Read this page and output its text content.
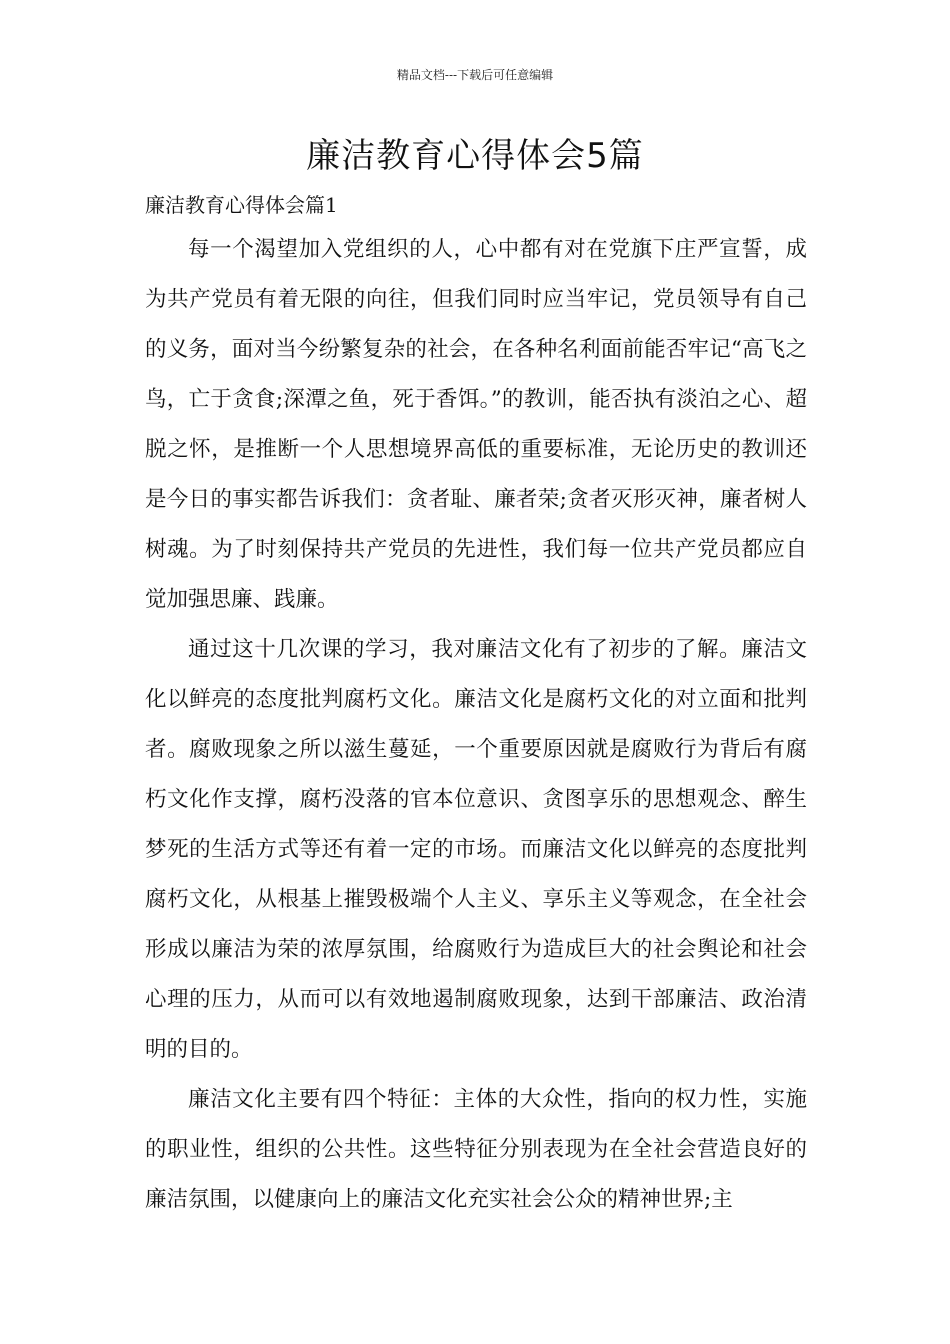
精品文档---下载后可任意编辑
廉洁教育心得体会5篇
廉洁教育心得体会篇1

每一个渴望加入党组织的人，心中都有对在党旗下庄严宣誓，成为共产党员有着无限的向往，但我们同时应当牢记，党员领导有自己的义务，面对当今纷繁复杂的社会，在各种名利面前能否牢记“高飞之鸟，亡于贪食;深潭之鱼，死于香饵。”的教训，能否执有淡泊之心、超脱之怀，是推断一个人思想境界高低的重要标准，无论历史的教训还是今日的事实都告诉我们：贪者耻、廉者荣;贪者灭形灭神，廉者树人树魂。为了时刻保持共产党员的先进性，我们每一位共产党员都应自觉加强思廉、践廉。

通过这十几次课的学习，我对廉洁文化有了初步的了解。廉洁文化以鲜亮的态度批判腐朽文化。廉洁文化是腐朽文化的对立面和批判者。腐败现象之所以滋生蔓延，一个重要原因就是腐败行为背后有腐朽文化作支撑，腐朽没落的官本位意识、贪图享乐的思想观念、醉生梦死的生活方式等还有着一定的市场。而廉洁文化以鲜亮的态度批判腐朽文化，从根基上摧毁极端个人主义、享乐主义等观念，在全社会形成以廉洁为荣的浓厚氛围，给腐败行为造成巨大的社会舆论和社会心理的压力，从而可以有效地遏制腐败现象，达到干部廉洁、政治清明的目的。

廉洁文化主要有四个特征：主体的大众性，指向的权力性，实施的职业性，组织的公共性。这些特征分别表现为在全社会营造良好的廉洁氛围，以健康向上的廉洁文化充实社会公众的精神世界;主
